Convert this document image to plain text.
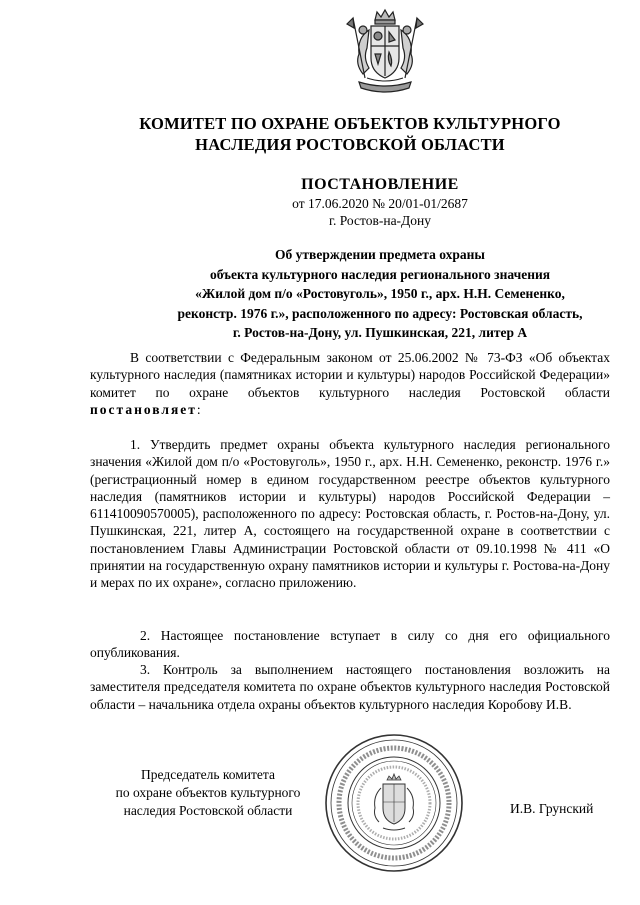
КОМИТЕТ ПО ОХРАНЕ ОБЪЕКТОВ КУЛЬТУРНОГО
НАСЛЕДИЯ РОСТОВСКОЙ ОБЛАСТИ
ПОСТАНОВЛЕНИЕ
от 17.06.2020 № 20/01-01/2687
г. Ростов-на-Дону
Об утверждении предмета охраны
объекта культурного наследия регионального значения
«Жилой дом п/о «Ростовуголь», 1950 г., арх. Н.Н. Семененко,
реконстр. 1976 г.», расположенного по адресу: Ростовская область,
г. Ростов-на-Дону, ул. Пушкинская, 221, литер А

В соответствии с Федеральным законом от 25.06.2002 № 73-ФЗ «Об объектах культурного наследия (памятниках истории и культуры) народов Российской Федерации» комитет по охране объектов культурного наследия Ростовской области постановляет:

1. Утвердить предмет охраны объекта культурного наследия регионального значения «Жилой дом п/о «Ростовуголь», 1950 г., арх. Н.Н. Семененко, реконстр. 1976 г.» (регистрационный номер в едином государственном реестре объектов культурного наследия (памятников истории и культуры) народов Российской Федерации – 611410090570005), расположенного по адресу: Ростовская область, г. Ростов-на-Дону, ул. Пушкинская, 221, литер А, состоящего на государственной охране в соответствии с постановлением Главы Администрации Ростовской области от 09.10.1998 № 411 «О принятии на государственную охрану памятников истории и культуры г. Ростова-на-Дону и мерах по их охране», согласно приложению.

2. Настоящее постановление вступает в силу со дня его официального опубликования.

3. Контроль за выполнением настоящего постановления возложить на заместителя председателя комитета по охране объектов культурного наследия Ростовской области – начальника отдела охраны объектов культурного наследия Коробову И.В.

Председатель комитета
по охране объектов культурного
наследия Ростовской области	И.В. Грунский
